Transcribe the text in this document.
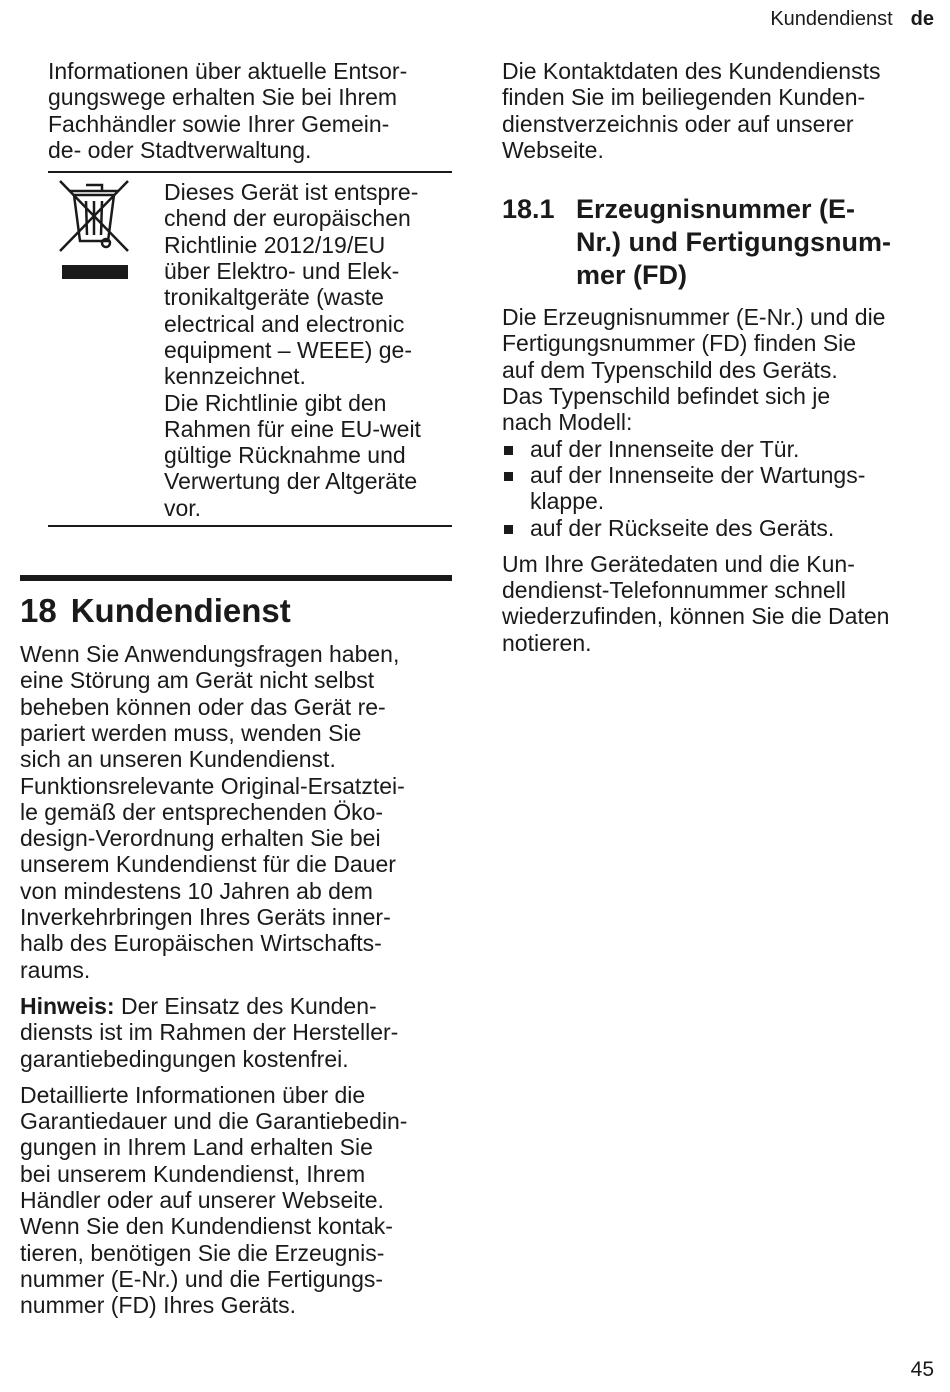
Kundendienst de

Informationen über aktuelle Entsor-

gungswege erhalten Sie bei Ihrem

Fachhändler sowie Ihrer Gemein-

de- oder Stadtverwaltung.

Dieses Gerät ist entspre-

chend der europäischen

Richtlinie 2012/19/EU

über Elektro- und Elek-

tronikaltgeräte (waste

electrical and electronic

equipment – WEEE) ge-

kennzeichnet.

Die Richtlinie gibt den

Rahmen für eine EU-weit

gültige Rücknahme und

Verwertung der Altgeräte

vor.

18 Kundendienst

Wenn Sie Anwendungsfragen haben,

eine Störung am Gerät nicht selbst

beheben können oder das Gerät re-

pariert werden muss, wenden Sie

sich an unseren Kundendienst.

Funktionsrelevante Original-Ersatztei-

le gemäß der entsprechenden Öko-

design-Verordnung erhalten Sie bei

unserem Kundendienst für die Dauer

von mindestens 10 Jahren ab dem

Inverkehrbringen Ihres Geräts inner-

halb des Europäischen Wirtschafts-

raums.

Hinweis: Der Einsatz des Kunden-

diensts ist im Rahmen der Hersteller-

garantiebedingungen kostenfrei.

Detaillierte Informationen über die

Garantiedauer und die Garantiebedin-

gungen in Ihrem Land erhalten Sie

bei unserem Kundendienst, Ihrem

Händler oder auf unserer Webseite.

Wenn Sie den Kundendienst kontak-

tieren, benötigen Sie die Erzeugnis-

nummer (E-Nr.) und die Fertigungs-

nummer (FD) Ihres Geräts.

Die Kontaktdaten des Kundendiensts

finden Sie im beiliegenden Kunden-

dienstverzeichnis oder auf unserer

Webseite.

18.1 Erzeugnisnummer (E-
Nr.) und Fertigungsnum-
mer (FD)

Die Erzeugnisnummer (E-Nr.) und die

Fertigungsnummer (FD) finden Sie

auf dem Typenschild des Geräts.

Das Typenschild befindet sich je

nach Modell:

auf der Innenseite der Tür.
auf der Innenseite der Wartungs-
klappe.
auf der Rückseite des Geräts.

Um Ihre Gerätedaten und die Kun-

dendienst-Telefonnummer schnell

wiederzufinden, können Sie die Daten

notieren.

45
